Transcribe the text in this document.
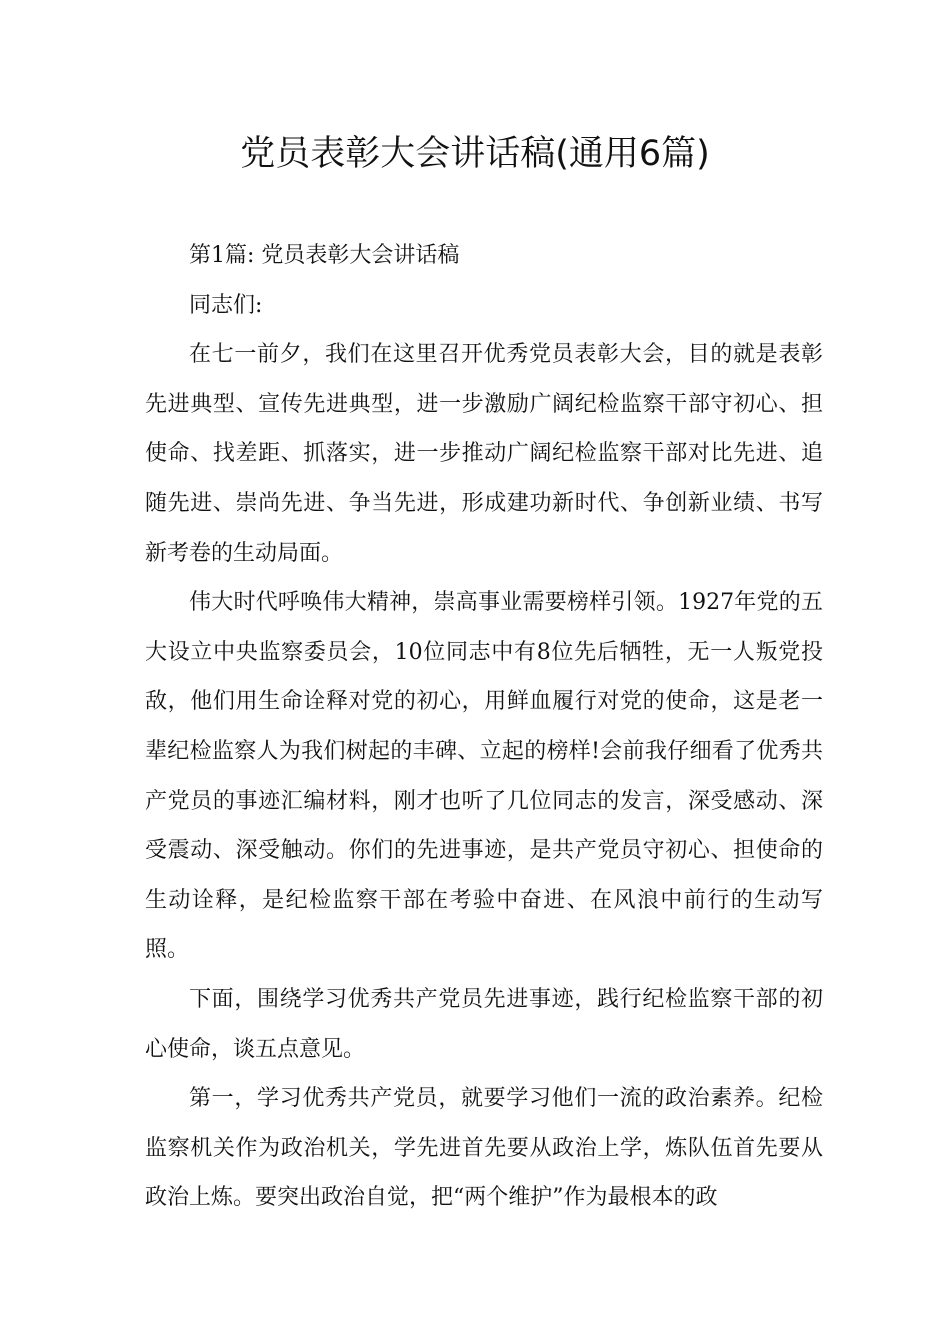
党员表彰大会讲话稿(通用6篇)

第1篇: 党员表彰大会讲话稿

同志们:

在七一前夕，我们在这里召开优秀党员表彰大会，目的就是表彰先进典型、宣传先进典型，进一步激励广阔纪检监察干部守初心、担使命、找差距、抓落实，进一步推动广阔纪检监察干部对比先进、追随先进、崇尚先进、争当先进，形成建功新时代、争创新业绩、书写新考卷的生动局面。

伟大时代呼唤伟大精神，崇高事业需要榜样引领。1927年党的五大设立中央监察委员会，10位同志中有8位先后牺牲，无一人叛党投敌，他们用生命诠释对党的初心，用鲜血履行对党的使命，这是老一辈纪检监察人为我们树起的丰碑、立起的榜样!会前我仔细看了优秀共产党员的事迹汇编材料，刚才也听了几位同志的发言，深受感动、深受震动、深受触动。你们的先进事迹，是共产党员守初心、担使命的生动诠释，是纪检监察干部在考验中奋进、在风浪中前行的生动写照。

下面，围绕学习优秀共产党员先进事迹，践行纪检监察干部的初心使命，谈五点意见。

第一，学习优秀共产党员，就要学习他们一流的政治素养。纪检监察机关作为政治机关，学先进首先要从政治上学，炼队伍首先要从政治上炼。要突出政治自觉，把“两个维护”作为最根本的政
